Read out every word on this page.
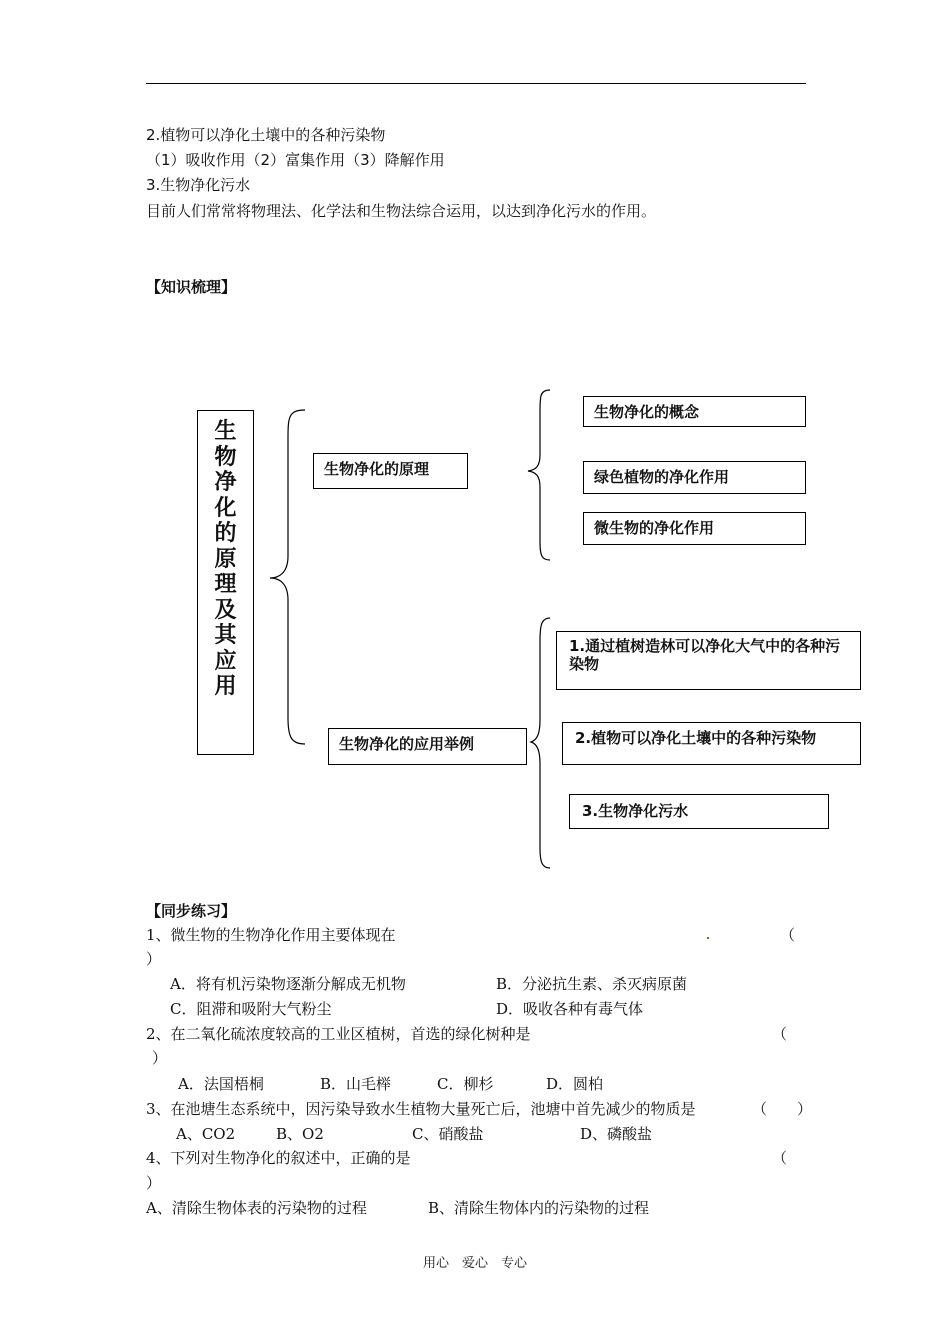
2.植物可以净化土壤中的各种污染物
（1）吸收作用（2）富集作用（3）降解作用
3.生物净化污水
目前人们常常将物理法、化学法和生物法综合运用，以达到净化污水的作用。
【知识梳理】
生
物
净
化
的
原
理
及
其
应
用
生物净化的原理
生物净化的应用举例
生物净化的概念
绿色植物的净化作用
微生物的净化作用
1.通过植树造林可以净化大气中的各种污染物
2.植物可以净化土壤中的各种污染物
3.生物净化污水
【同步练习】
1、微生物的生物净化作用主要体现在	（
）
A．将有机污染物逐渐分解成无机物	B．分泌抗生素、杀灭病原菌
C．阻滞和吸附大气粉尘	D．吸收各种有毒气体
2、在二氧化硫浓度较高的工业区植树，首选的绿化树种是	（
）
A．法国梧桐	B．山毛榉	C．柳杉	D．圆柏
3、在池塘生态系统中，因污染导致水生植物大量死亡后，池塘中首先减少的物质是	（　　）
A、CO2	B、O2	C、硝酸盐	D、磷酸盐
4、下列对生物净化的叙述中，正确的是	（
）
A、清除生物体表的污染物的过程	B、清除生物体内的污染物的过程
用心　爱心　专心
